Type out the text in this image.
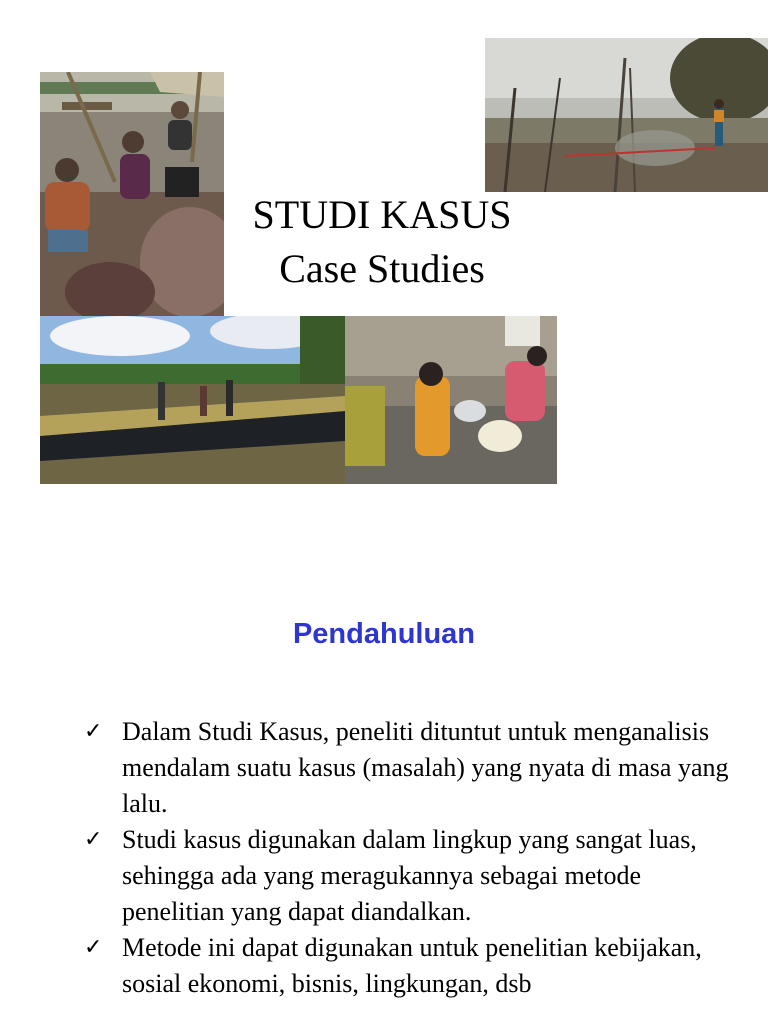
STUDI KASUS
Case Studies
Pendahuluan
✓ Dalam Studi Kasus, peneliti dituntut untuk menganalisis mendalam suatu kasus (masalah) yang nyata di masa yang lalu.
✓ Studi kasus digunakan dalam lingkup yang sangat luas, sehingga ada yang meragukannya sebagai metode penelitian yang dapat diandalkan.
✓ Metode ini dapat digunakan untuk penelitian kebijakan, sosial ekonomi, bisnis, lingkungan, dsb
